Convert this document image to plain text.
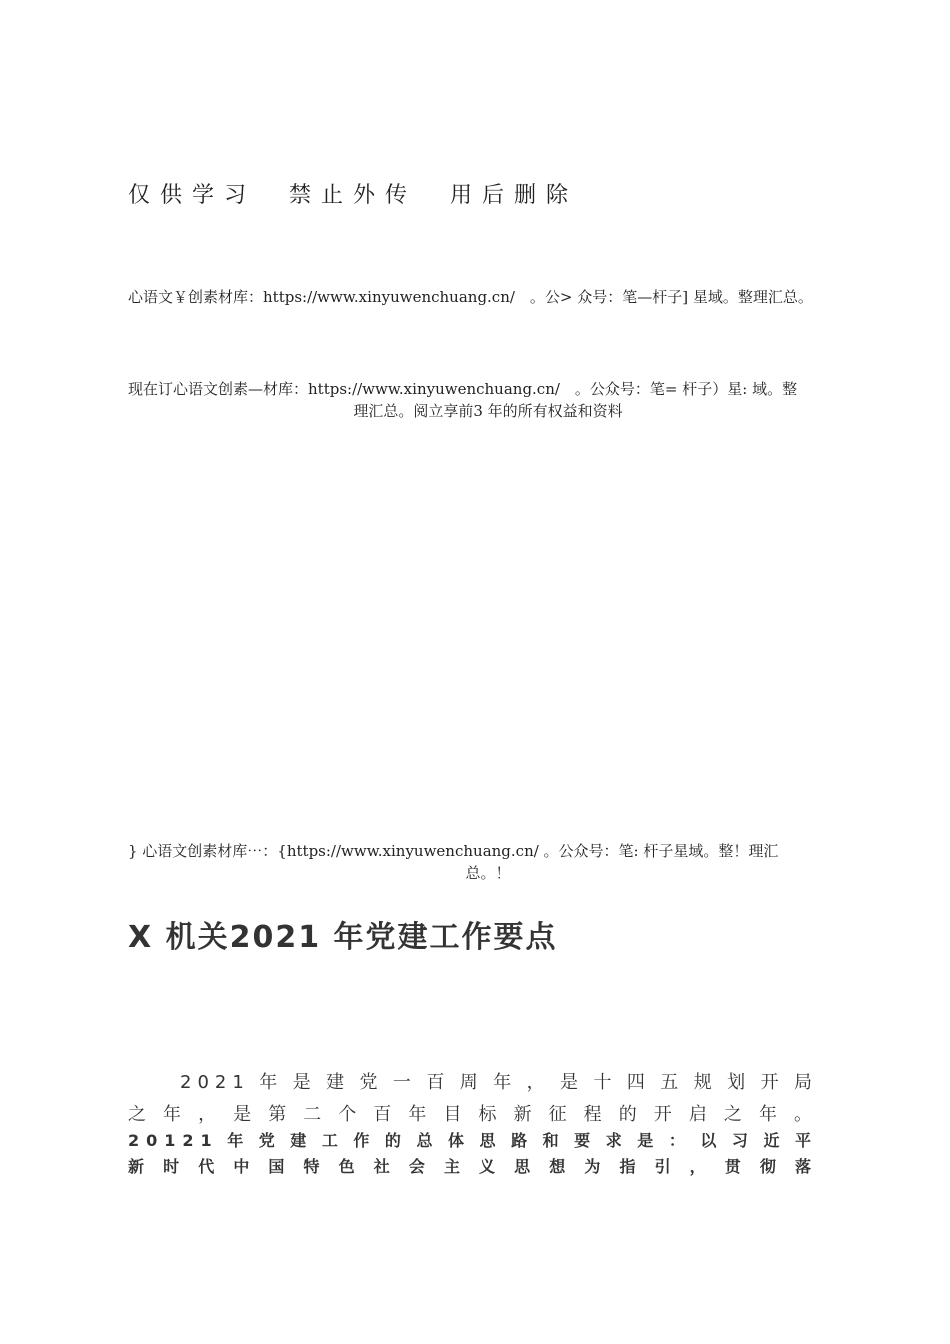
仅供学习 禁止外传 用后删除
心语文￥创素材库：https://www.xinyuwenchuang.cn/　。公> 众号：笔—杆子] 星域。整理汇总。
现在订心语文创素—材库：https://www.xinyuwenchuang.cn/　。公众号：笔= 杆子）星: 域。整
理汇总。阅立享前3 年的所有权益和资料
} 心语文创素材库⋯：{https://www.xinyuwenchuang.cn/ 。公众号：笔: 杆子星域。整！理汇
总。！
X 机关2021 年党建工作要点
2021年是建党一百周年，是十四五规划开局
之年，是第二个百年目标新征程的开启之年。
20121年党建工作的总体思路和要求是：以习近平
新时代中国特色社会主义思想为指引，贯彻落
